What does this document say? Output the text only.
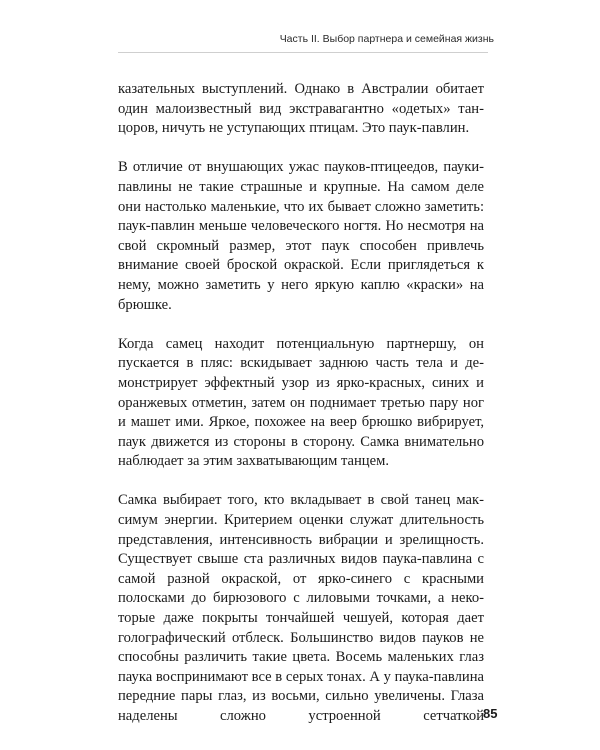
Часть II. Выбор партнера и семейная жизнь

казательных выступлений. Однако в Австралии обитает один малоизвестный вид экстравагантно «одетых» танцоров, ничуть не уступающих птицам. Это паук-павлин.

В отличие от внушающих ужас пауков-птицеедов, пауки-павлины не такие страшные и крупные. На самом деле они настолько маленькие, что их бывает сложно заметить: паук-павлин меньше человеческого ногтя. Но несмотря на свой скромный размер, этот паук способен привлечь внимание своей броской окраской. Если приглядеться к нему, можно заметить у него яркую каплю «краски» на брюшке.

Когда самец находит потенциальную партнершу, он пускается в пляс: вскидывает заднюю часть тела и демонстрирует эффектный узор из ярко-красных, синих и оранжевых отметин, затем он поднимает третью пару ног и машет ими. Яркое, похожее на веер брюшко вибрирует, паук движется из стороны в сторону. Самка внимательно наблюдает за этим захватывающим танцем.

Самка выбирает того, кто вкладывает в свой танец максимум энергии. Критерием оценки служат длительность представления, интенсивность вибрации и зрелищность. Существует свыше ста различных видов паука-павлина с самой разной окраской, от ярко-синего с красными полосками до бирюзового с лиловыми точками, а некоторые даже покрыты тончайшей чешуей, которая дает голографический отблеск. Большинство видов пауков не способны различить такие цвета. Восемь маленьких глаз паука воспринимают все в серых тонах. А у паука-павлина передние пары глаз, из восьми, сильно увеличены. Глаза наделены сложно устроенной сетчаткой 85
